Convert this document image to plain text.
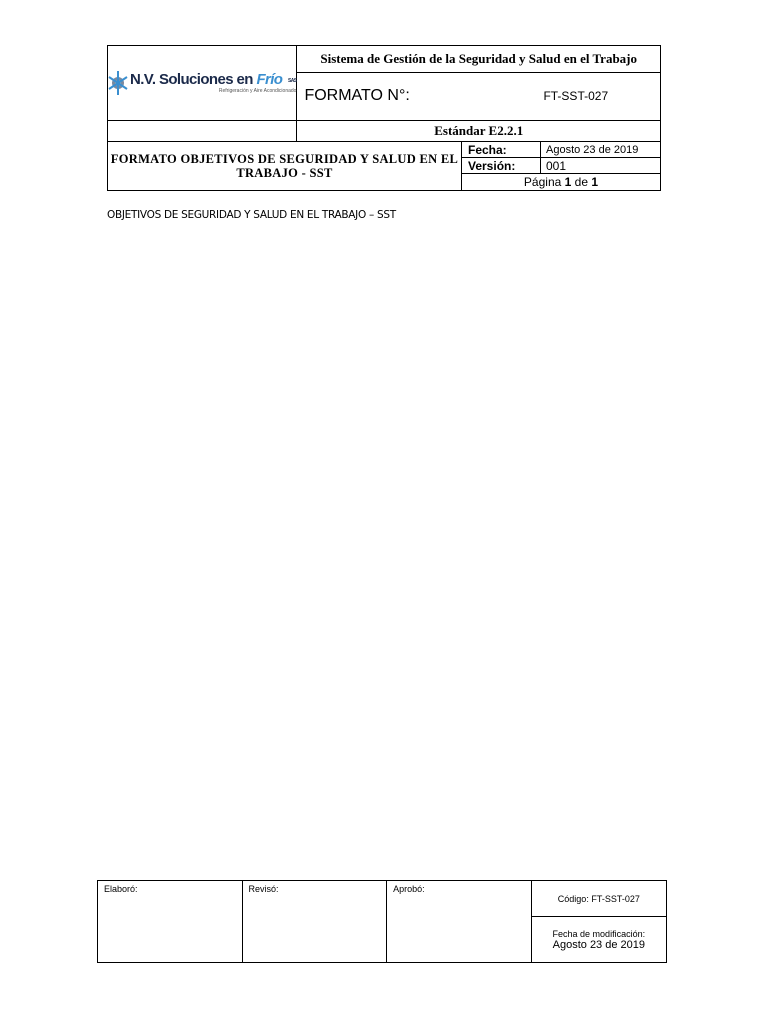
N.V. Soluciones en Frío SAS
Refrigeración y Aire Acondicionado	Sistema de Gestión de la Seguridad y Salud en el Trabajo

	FORMATO N°: FT-SST-027

	Estándar E2.2.1
FORMATO OBJETIVOS DE SEGURIDAD Y SALUD EN EL TRABAJO - SST	Fecha:	Agosto 23 de 2019
	Versión:	001
	Página 1 de 1	
OBJETIVOS DE SEGURIDAD Y SALUD EN EL TRABAJO – SST
Elaboró:	Revisó:	Aprobó:	Código: FT-SST-027

Fecha de modificación:
Agosto 23 de 2019
